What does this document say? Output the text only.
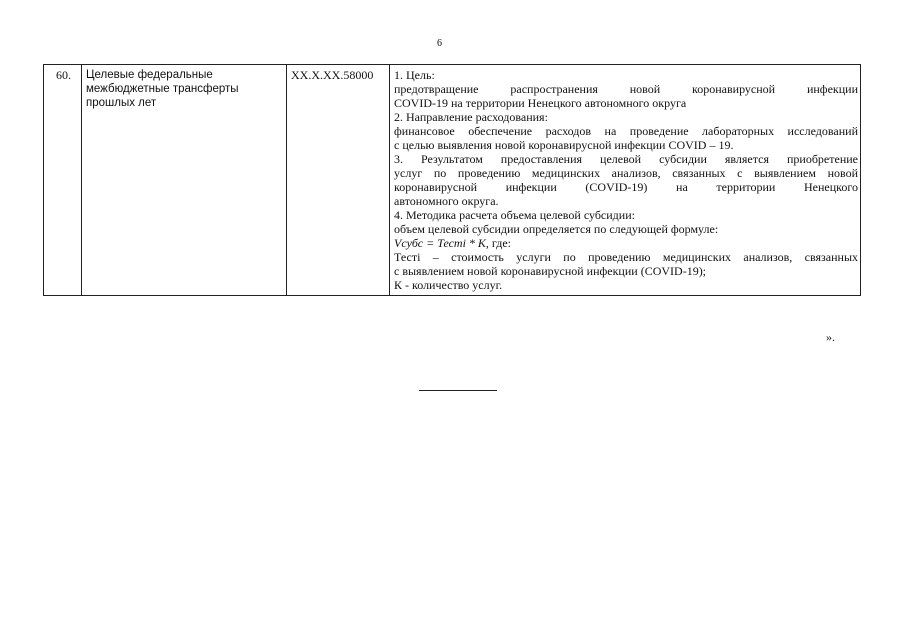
6
60.	Целевые федеральные межбюджетные трансферты прошлых лет	XX.X.XX.58000	1. Цель:
предотвращение распространения новой коронавирусной инфекции
COVID-19 на территории Ненецкого автономного округа
2. Направление расходования:
финансовое обеспечение расходов на проведение лабораторных исследований
с целью выявления новой коронавирусной инфекции COVID – 19.
3. Результатом предоставления целевой субсидии является приобретение
услуг по проведению медицинских анализов, связанных с выявлением новой
коронавирусной инфекции (COVID-19) на территории Ненецкого
автономного округа.
4. Методика расчета объема целевой субсидии:
объем целевой субсидии определяется по следующей формуле:
Vсубс = Тесті * К, где:
Тесті – стоимость услуги по проведению медицинских анализов, связанных
с выявлением новой коронавирусной инфекции (COVID-19);
К - количество услуг.
».
